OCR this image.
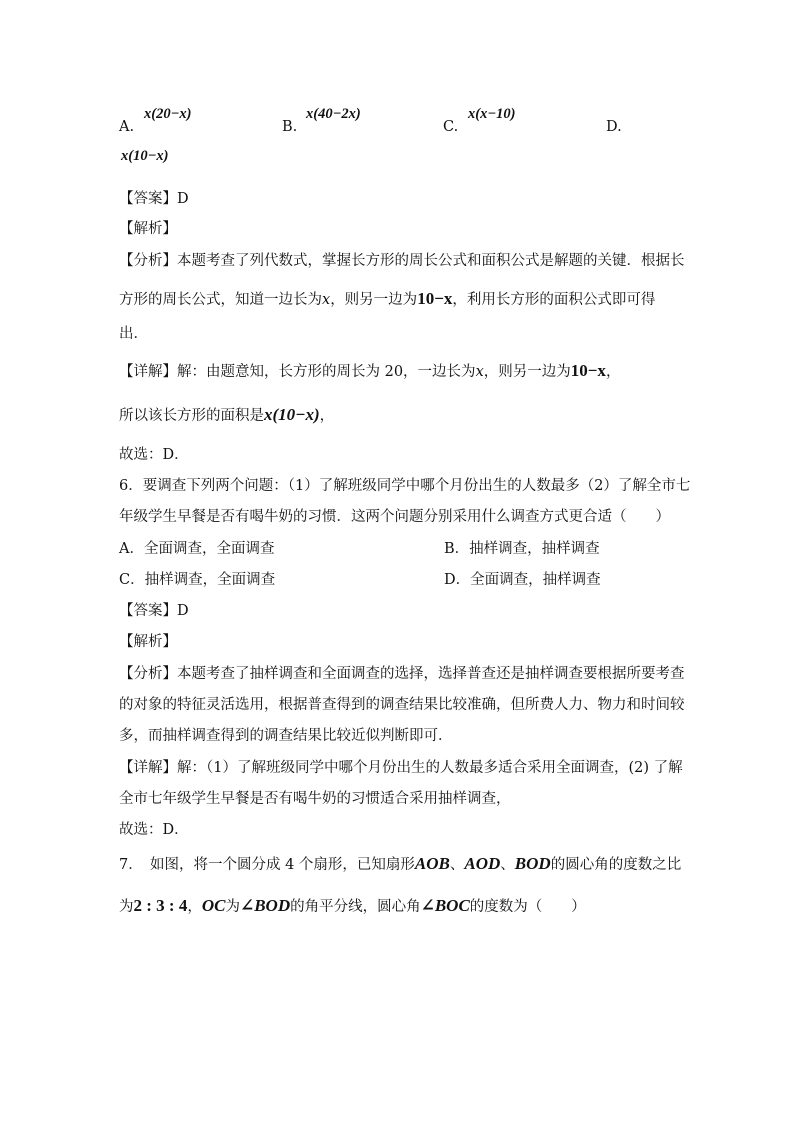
A.
x(20−x)
B.
x(40−2x)
C.
x(x−10)
D.
x(10−x)
【答案】D
【解析】
【分析】本题考查了列代数式，掌握长方形的周长公式和面积公式是解题的关键．根据长
方形的周长公式，知道一边长为x，则另一边为10−x，利用长方形的面积公式即可得
出．
【详解】解：由题意知，长方形的周长为 20，一边长为x，则另一边为10−x，
所以该长方形的面积是x(10−x)，
故选：D．
6．要调查下列两个问题：（1）了解班级同学中哪个月份出生的人数最多（2）了解全市七
年级学生早餐是否有喝牛奶的习惯．这两个问题分别采用什么调查方式更合适（　　）
A．全面调查，全面调查	B．抽样调查，抽样调查
C．抽样调查，全面调查	D．全面调查，抽样调查
【答案】D
【解析】
【分析】本题考查了抽样调查和全面调查的选择，选择普查还是抽样调查要根据所要考查
的对象的特征灵活选用，根据普查得到的调查结果比较准确，但所费人力、物力和时间较
多，而抽样调查得到的调查结果比较近似判断即可．
【详解】解：（1）了解班级同学中哪个月份出生的人数最多适合采用全面调查，(2) 了解
全市七年级学生早餐是否有喝牛奶的习惯适合采用抽样调查，
故选：D．
7．　如图，将一个圆分成 4 个扇形，已知扇形AOB、AOD、BOD的圆心角的度数之比
为2 : 3 : 4，OC为∠BOD的角平分线，圆心角∠BOC的度数为（　　）
